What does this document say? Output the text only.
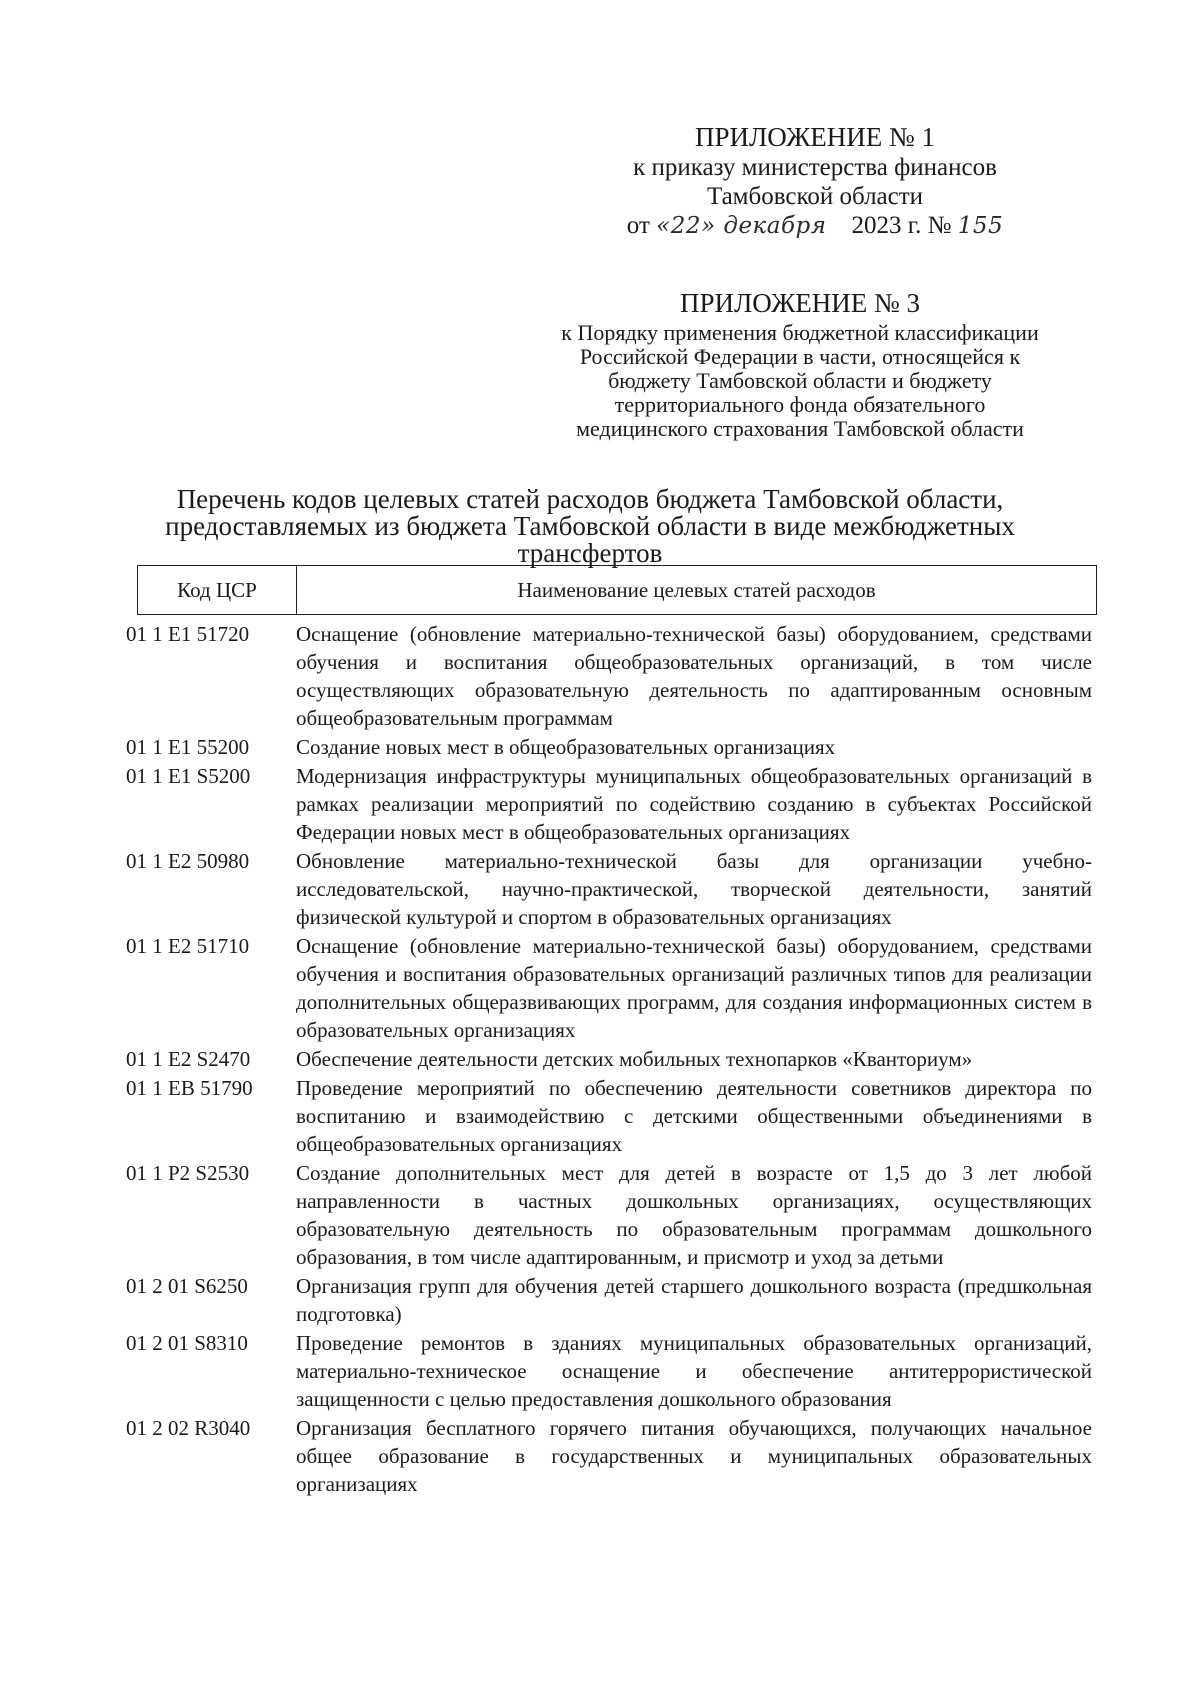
ПРИЛОЖЕНИЕ № 1
к приказу министерства финансов
Тамбовской области
от «22» декабря 2023 г. № 155
ПРИЛОЖЕНИЕ № 3
к Порядку применения бюджетной классификации
Российской Федерации в части, относящейся к
бюджету Тамбовской области и бюджету
территориального фонда обязательного
медицинского страхования Тамбовской области
Перечень кодов целевых статей расходов бюджета Тамбовской области, предоставляемых из бюджета Тамбовской области в виде межбюджетных трансфертов
Код ЦСР	Наименование целевых статей расходов
01 1 E1 51720	Оснащение (обновление материально-технической базы) оборудованием, средствами обучения и воспитания общеобразовательных организаций, в том числе осуществляющих образовательную деятельность по адаптированным основным общеобразовательным программам
01 1 E1 55200	Создание новых мест в общеобразовательных организациях
01 1 E1 S5200	Модернизация инфраструктуры муниципальных общеобразовательных организаций в рамках реализации мероприятий по содействию созданию в субъектах Российской Федерации новых мест в общеобразовательных организациях
01 1 E2 50980	Обновление материально-технической базы для организации учебно-исследовательской, научно-практической, творческой деятельности, занятий физической культурой и спортом в образовательных организациях
01 1 E2 51710	Оснащение (обновление материально-технической базы) оборудованием, средствами обучения и воспитания образовательных организаций различных типов для реализации дополнительных общеразвивающих программ, для создания информационных систем в образовательных организациях
01 1 E2 S2470	Обеспечение деятельности детских мобильных технопарков «Кванториум»
01 1 EB 51790	Проведение мероприятий по обеспечению деятельности советников директора по воспитанию и взаимодействию с детскими общественными объединениями в общеобразовательных организациях
01 1 P2 S2530	Создание дополнительных мест для детей в возрасте от 1,5 до 3 лет любой направленности в частных дошкольных организациях, осуществляющих образовательную деятельность по образовательным программам дошкольного образования, в том числе адаптированным, и присмотр и уход за детьми
01 2 01 S6250	Организация групп для обучения детей старшего дошкольного возраста (предшкольная подготовка)
01 2 01 S8310	Проведение ремонтов в зданиях муниципальных образовательных организаций, материально-техническое оснащение и обеспечение антитеррористической защищенности с целью предоставления дошкольного образования
01 2 02 R3040	Организация бесплатного горячего питания обучающихся, получающих начальное общее образование в государственных и муниципальных образовательных организациях
